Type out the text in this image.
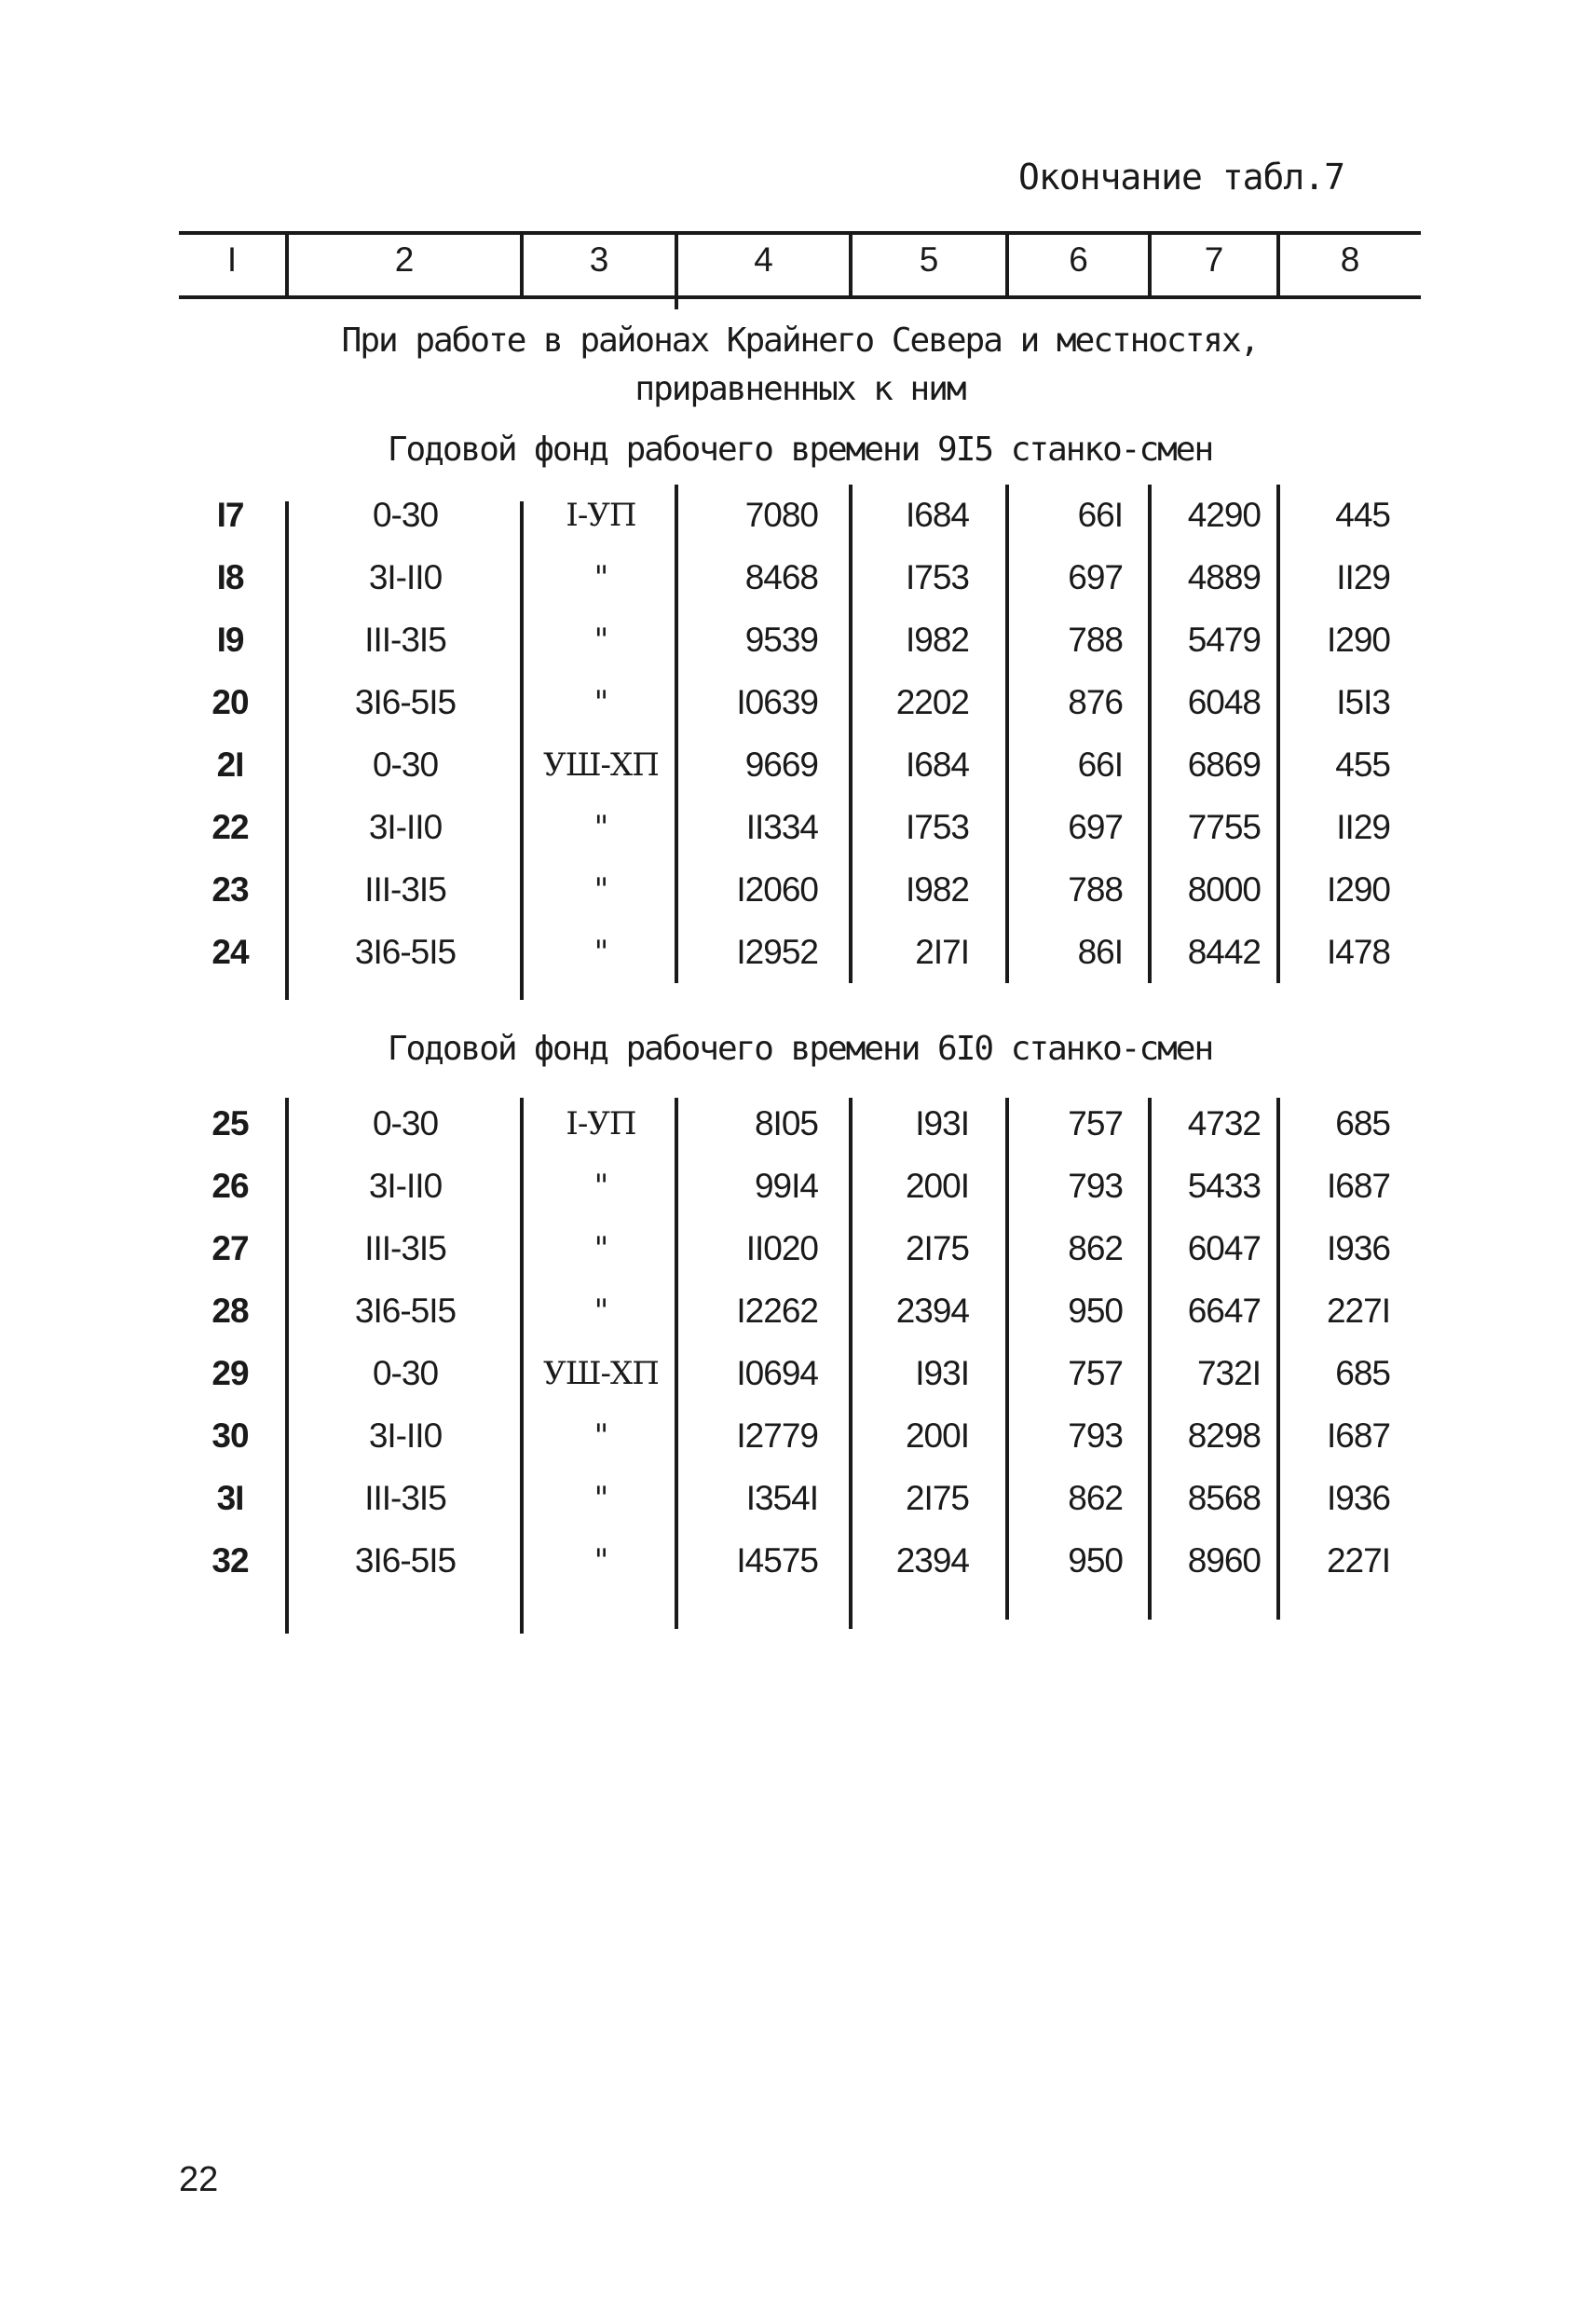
Окончание табл.7
I	2	3	4	5	6	7	8
При работе в районах Крайнего Севера и местностях,
приравненных к ним
Годовой фонд рабочего времени 9I5 станко-смен
I7	0-30	I-УП	7080	I684	66I	4290	445
I8	3I-II0	"	8468	I753	697	4889	II29
I9	III-3I5	"	9539	I982	788	5479	I290
20	3I6-5I5	"	I0639	2202	876	6048	I5I3
2I	0-30	УШ-ХП	9669	I684	66I	6869	455
22	3I-II0	"	II334	I753	697	7755	II29
23	III-3I5	"	I2060	I982	788	8000	I290
24	3I6-5I5	"	I2952	2I7I	86I	8442	I478
Годовой фонд рабочего времени 6I0 станко-смен
25	0-30	I-УП	8I05	I93I	757	4732	685
26	3I-II0	"	99I4	200I	793	5433	I687
27	III-3I5	"	II020	2I75	862	6047	I936
28	3I6-5I5	"	I2262	2394	950	6647	227I
29	0-30	УШ-ХП	I0694	I93I	757	732I	685
30	3I-II0	"	I2779	200I	793	8298	I687
3I	III-3I5	"	I354I	2I75	862	8568	I936
32	3I6-5I5	"	I4575	2394	950	8960	227I
22
